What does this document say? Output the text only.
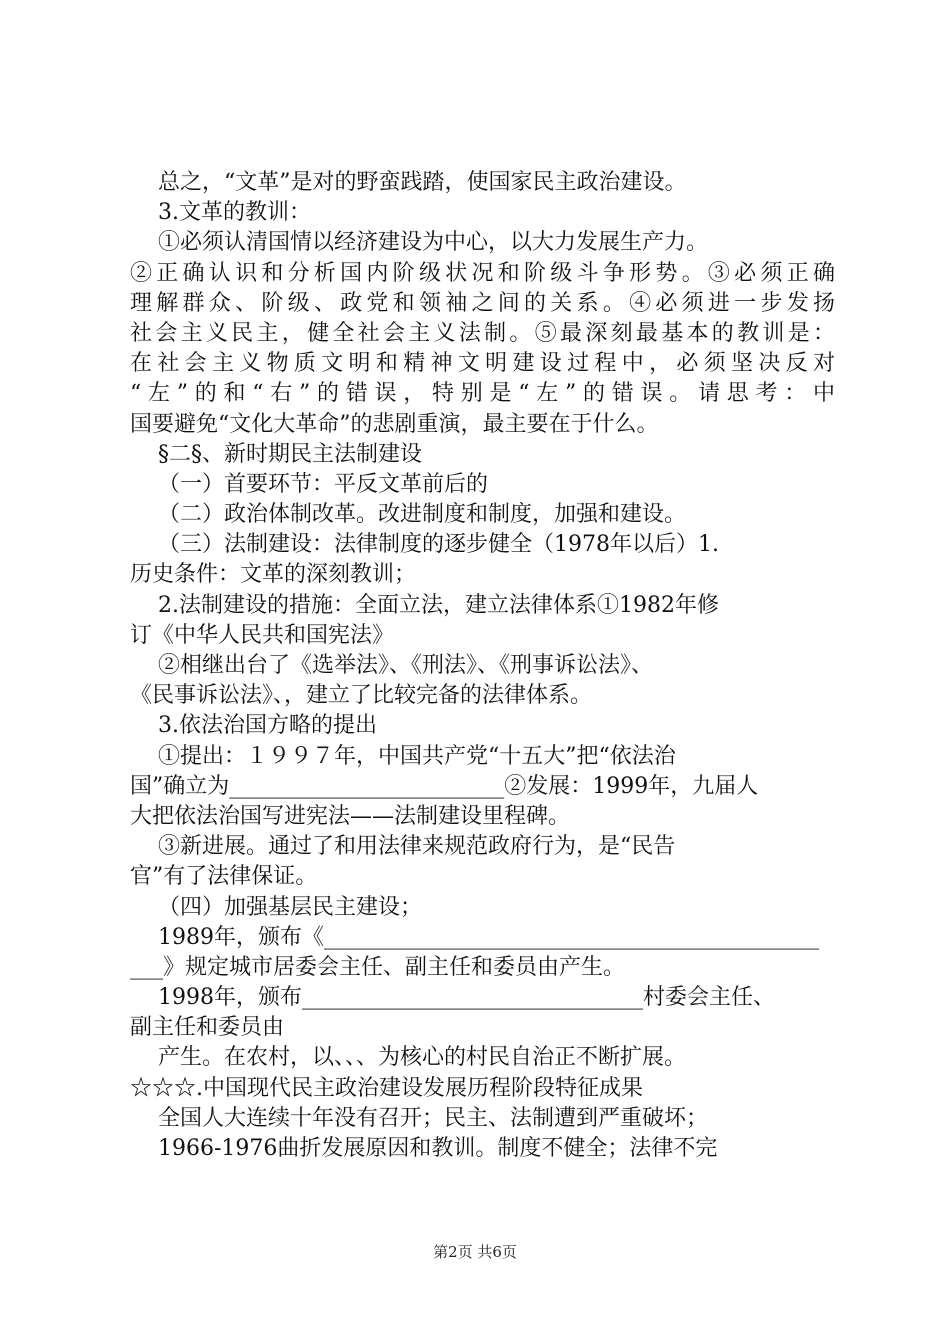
总之，“文革”是对的野蛮践踏，使国家民主政治建设。
3.文革的教训：
①必须认清国情以经济建设为中心，以大力发展生产力。
②正确认识和分析国内阶级状况和阶级斗争形势。③必须正确
理解群众、阶级、政党和领袖之间的关系。④必须进一步发扬
社会主义民主，健全社会主义法制。⑤最深刻最基本的教训是：
在社会主义物质文明和精神文明建设过程中，必须坚决反对
“左”的和“右”的错误，特别是“左”的错误。请思考：中
国要避免“文化大革命”的悲剧重演，最主要在于什么。
§二§、新时期民主法制建设
（一）首要环节：平反文革前后的
（二）政治体制改革。改进制度和制度，加强和建设。
（三）法制建设：法律制度的逐步健全（1978年以后）1.
历史条件：文革的深刻教训；
2.法制建设的措施：全面立法，建立法律体系①1982年修
订《中华人民共和国宪法》
②相继出台了《选举法》、《刑法》、《刑事诉讼法》、
《民事诉讼法》、，建立了比较完备的法律体系。
3.依法治国方略的提出
①提出：１９９７年，中国共产党“十五大”把“依法治
国”确立为_________________________②发展：1999年，九届人
大把依法治国写进宪法——法制建设里程碑。
③新进展。通过了和用法律来规范政府行为，是“民告
官”有了法律保证。
（四）加强基层民主建设；
1989年，颁布《_____________________________________________
___》规定城市居委会主任、副主任和委员由产生。
1998年，颁布_______________________________村委会主任、
副主任和委员由
产生。在农村，以、、、为核心的村民自治正不断扩展。
☆☆☆.中国现代民主政治建设发展历程阶段特征成果
全国人大连续十年没有召开；民主、法制遭到严重破坏；
1966-1976曲折发展原因和教训。制度不健全；法律不完
第2页 共6页
